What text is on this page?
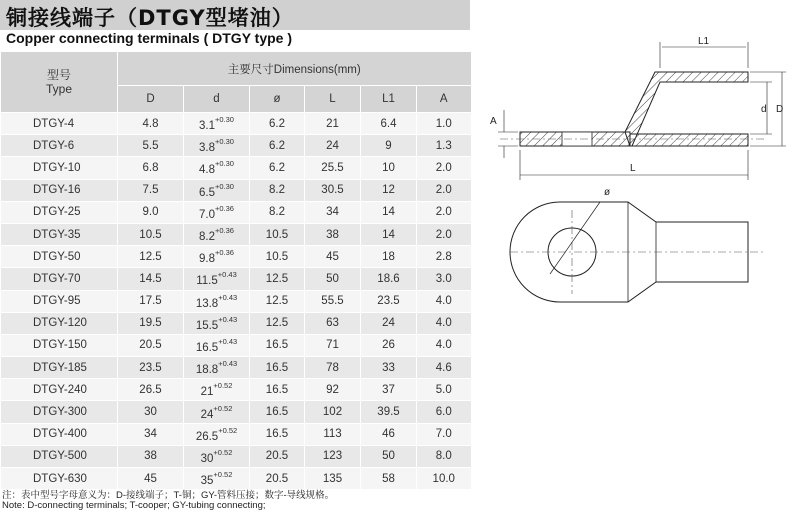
铜接线端子（DTGY型堵油）
Copper connecting terminals ( DTGY type )
型号
Type	主要尺寸Dimensions(mm)					
	D	d	ø	L	L1	A
DTGY-4	4.8	$3.1^{+0.30}$	6.2	21	6.4	1.0
DTGY-6	5.5	$3.8^{+0.30}$	6.2	24	9	1.3
DTGY-10	6.8	$4.8^{+0.30}$	6.2	25.5	10	2.0
DTGY-16	7.5	$6.5^{+0.30}$	8.2	30.5	12	2.0
DTGY-25	9.0	$7.0^{+0.36}$	8.2	34	14	2.0
DTGY-35	10.5	$8.2^{+0.36}$	10.5	38	14	2.0
DTGY-50	12.5	$9.8^{+0.36}$	10.5	45	18	2.8
DTGY-70	14.5	$11.5^{+0.43}$	12.5	50	18.6	3.0
DTGY-95	17.5	$13.8^{+0.43}$	12.5	55.5	23.5	4.0
DTGY-120	19.5	$15.5^{+0.43}$	12.5	63	24	4.0
DTGY-150	20.5	$16.5^{+0.43}$	16.5	71	26	4.0
DTGY-185	23.5	$18.8^{+0.43}$	16.5	78	33	4.6
DTGY-240	26.5	$21^{+0.52}$	16.5	92	37	5.0
DTGY-300	30	$24^{+0.52}$	16.5	102	39.5	6.0
DTGY-400	34	$26.5^{+0.52}$	16.5	113	46	7.0
DTGY-500	38	$30^{+0.52}$	20.5	123	50	8.0
DTGY-630	45	$35^{+0.52}$	20.5	135	58	10.0
L1
L
A
d D
ø
注：表中型号字母意义为：D-接线端子；T-铜；GY-管料压接；数字-导线规格。
Note: D-connecting terminals; T-cooper; GY-tubing connecting;
